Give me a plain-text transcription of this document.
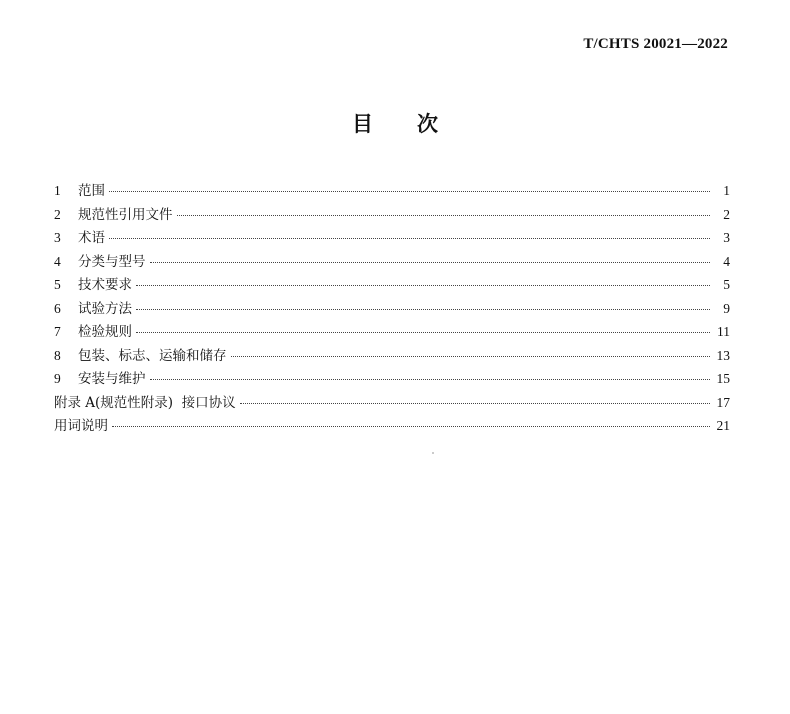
T/CHTS 20021—2022
目 次
1	范围	1
2	规范性引用文件	2
3	术语	3
4	分类与型号	4
5	技术要求	5
6	试验方法	9
7	检验规则	11
8	包装、标志、运输和储存	13
9	安装与维护	15
附录 A(规范性附录)  接口协议	17
用词说明	21
